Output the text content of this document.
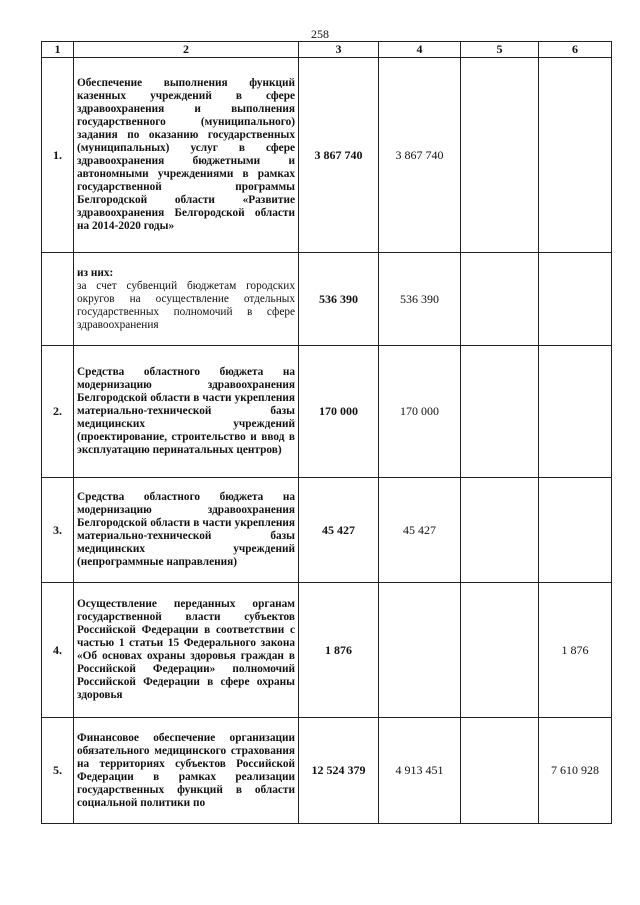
258
1	2	3	4	5	6
1.	Обеспечение выполнения функций казенных учреждений в сфере здравоохранения и выполнения государственного (муниципального) задания по оказанию государственных (муниципальных) услуг в сфере здравоохранения бюджетными и автономными учреждениями в рамках государственной программы Белгородской области «Развитие здравоохранения Белгородской области на 2014-2020 годы»	3 867 740	3 867 740		
	из них:
за счет субвенций бюджетам городских округов на осуществление отдельных государственных полномочий в сфере здравоохранения	536 390	536 390		
2.	Средства областного бюджета на модернизацию здравоохранения Белгородской области в части укрепления материально-технической базы медицинских учреждений (проектирование, строительство и ввод в эксплуатацию перинатальных центров)	170 000	170 000		
3.	Средства областного бюджета на модернизацию здравоохранения Белгородской области в части укрепления материально-технической базы медицинских учреждений (непрограммные направления)	45 427	45 427		
4.	Осуществление переданных органам государственной власти субъектов Российской Федерации в соответствии с частью 1 статьи 15 Федерального закона «Об основах охраны здоровья граждан в Российской Федерации» полномочий Российской Федерации в сфере охраны здоровья	1 876			1 876
5.	Финансовое обеспечение организации обязательного медицинского страхования на территориях субъектов Российской Федерации в рамках реализации государственных функций в области социальной политики по	12 524 379	4 913 451		7 610 928
